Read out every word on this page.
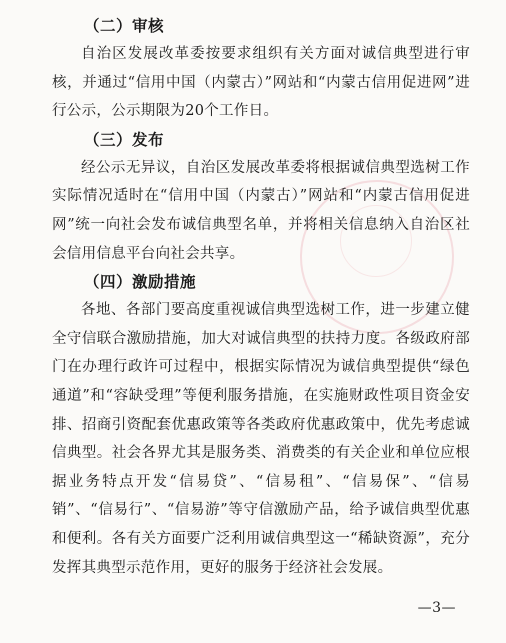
（二）审核

自治区发展改革委按要求组织有关方面对诚信典型进行审核，并通过“信用中国（内蒙古）”网站和“内蒙古信用促进网”进行公示，公示期限为20个工作日。

（三）发布

经公示无异议，自治区发展改革委将根据诚信典型选树工作实际情况适时在“信用中国（内蒙古）”网站和“内蒙古信用促进网”统一向社会发布诚信典型名单，并将相关信息纳入自治区社会信用信息平台向社会共享。

（四）激励措施

各地、各部门要高度重视诚信典型选树工作，进一步建立健全守信联合激励措施，加大对诚信典型的扶持力度。各级政府部门在办理行政许可过程中，根据实际情况为诚信典型提供“绿色通道”和“容缺受理”等便利服务措施，在实施财政性项目资金安排、招商引资配套优惠政策等各类政府优惠政策中，优先考虑诚信典型。社会各界尤其是服务类、消费类的有关企业和单位应根据业务特点开发“信易贷”、“信易租”、“信易保”、“信易销”、“信易行”、“信易游”等守信激励产品，给予诚信典型优惠和便利。各有关方面要广泛利用诚信典型这一“稀缺资源”，充分发挥其典型示范作用，更好的服务于经济社会发展。

—3—
